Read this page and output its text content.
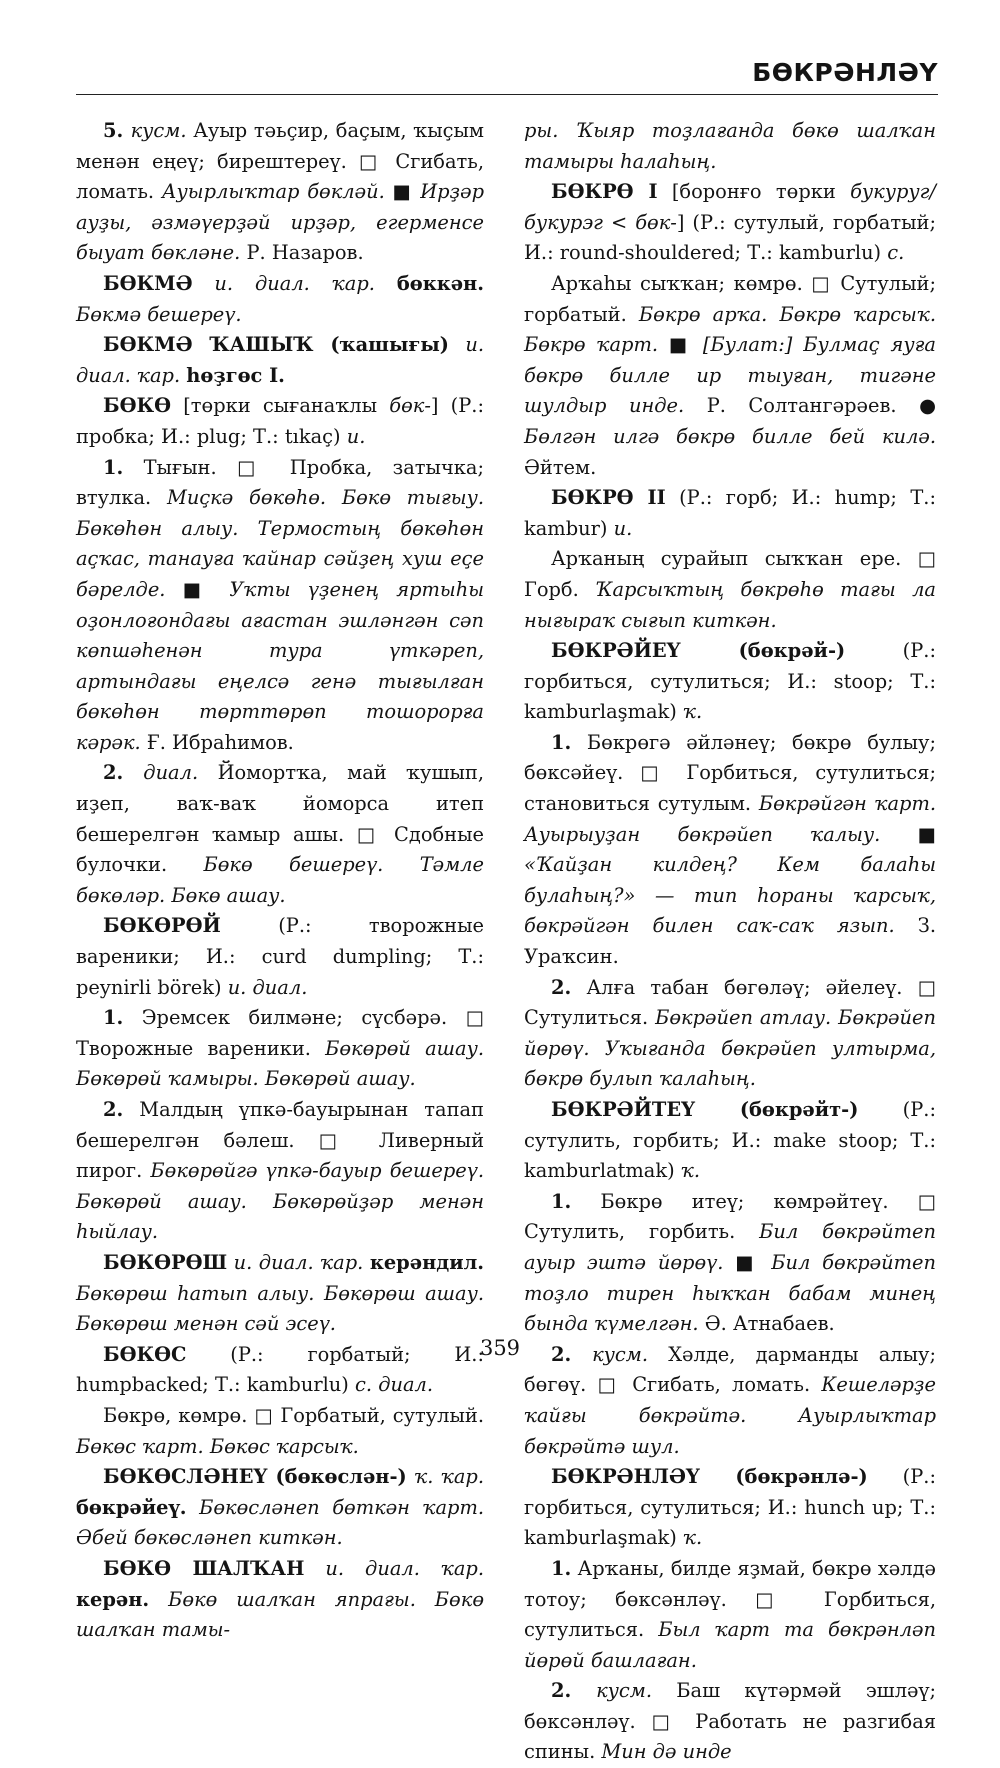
БӨКРӘНЛӘҮ

5. кусм. Ауыр тәьҫир, баҫым, ҡыҫым менән еңеү; бирештереү. □ Сгибать, ломать. Ауырлыҡтар бөкләй. ■ Ирҙәр ауҙы, әзмәүерҙәй ирҙәр, егерменсе быуат бөкләне. Р. Назаров.

БӨКМӘ и. диал. ҡар. бөккән. Бөкмә бешереү.

БӨКМӘ ҠАШЫҠ (ҡашығы) и. диал. ҡар. һөҙгөс I.

БӨКӨ [төрки сығанаҡлы бөк-] (Р.: пробка; И.: plug; Т.: tıkaç) и.

1. Тығын. □ Пробка, затычка; втулка. Миҫкә бөкөһө. Бөкө тығыу. Бөкөһөн алыу. Термостың бөкөһөн аҫҡас, танауға ҡайнар сәйҙең хуш еҫе бәрелде. ■ Уҡты үҙенең яртыһы оҙонлоғондағы ағастан эшләнгән сәп көпшәһенән тура үткәреп, артындағы еңелсә генә тығылған бөкөһөн төрттөрөп тошорорға кәрәк. Ғ. Ибраһимов.

2. диал. Йомортҡа, май ҡушып, иҙеп, ваҡ-ваҡ йоморса итеп бешерелгән ҡамыр ашы. □ Сдобные булочки. Бөкө бешереү. Тәмле бөкөләр. Бөкө ашау.

БӨКӨРӨЙ (Р.: творожные вареники; И.: curd dumpling; Т.: peynirli börek) и. диал.

1. Эремсек билмәне; сүсбәрә. □ Творожные вареники. Бөкөрөй ашау. Бөкөрөй ҡамыры. Бөкөрөй ашау.

2. Малдың үпкә-бауырынан тапап бешерелгән бәлеш. □ Ливерный пирог. Бөкөрөйгә үпкә-бауыр бешереү. Бөкөрөй ашау. Бөкөрөйҙәр менән һыйлау.

БӨКӨРӨШ и. диал. ҡар. керәндил. Бөкөрөш һатып алыу. Бөкөрөш ашау. Бөкөрөш менән сәй эсеү.

БӨКӨС (Р.: горбатый; И.: humpbacked; Т.: kamburlu) с. диал.

Бөкрө, көмрө. □ Горбатый, сутулый. Бөкөс ҡарт. Бөкөс ҡарсыҡ.

БӨКӨСЛӘНЕҮ (бөкөслән-) ҡ. ҡар. бөкрәйеү. Бөкөсләнеп бөткән ҡарт. Әбей бөкөсләнеп киткән.

БӨКӨ ШАЛҠАН и. диал. ҡар. керән. Бөкө шалҡан япрағы. Бөкө шалҡан тамы-

ры. Ҡыяр тоҙлағанда бөкө шалҡан тамыры һалаһың.

БӨКРӨ I [боронғо төрки букуруг/букурэг < бөк-] (Р.: сутулый, горбатый; И.: round-shouldered; Т.: kamburlu) с.

Арҡаһы сыҡҡан; көмрө. □ Сутулый; горбатый. Бөкрө арҡа. Бөкрө ҡарсыҡ. Бөкрө ҡарт. ■ [Булат:] Булмаҫ яуға бөкрө билле ир тыуған, тигәне шулдыр инде. Р. Солтангәрәев. ● Бөлгән илгә бөкрө билле бей килә. Әйтем.

БӨКРӨ II (Р.: горб; И.: hump; Т.: kambur) и.

Арҡаның сурайып сыҡҡан ере. □ Горб. Ҡарсыҡтың бөкрөһө тағы ла нығыраҡ сығып киткән.

БӨКРӘЙЕҮ (бөкрәй-) (Р.: горбиться, сутулиться; И.: stoop; Т.: kamburlaşmak) ҡ.

1. Бөкрөгә әйләнеү; бөкрө булыу; бөксәйеү. □ Горбиться, сутулиться; становиться сутулым. Бөкрәйгән ҡарт. Ауырыуҙан бөкрәйеп ҡалыу. ■ «Ҡайҙан килдең? Кем балаһы булаһың?» — тип һораны ҡарсыҡ, бөкрәйгән билен саҡ-саҡ язып. З. Ураҡсин.

2. Алға табан бөгөләү; әйелеү. □ Сутулиться. Бөкрәйеп атлау. Бөкрәйеп йөрөү. Уҡығанда бөкрәйеп ултырма, бөкрө булып ҡалаһың.

БӨКРӘЙТЕҮ (бөкрәйт-) (Р.: сутулить, горбить; И.: make stoop; Т.: kamburlatmak) ҡ.

1. Бөкрө итеү; көмрәйтеү. □ Сутулить, горбить. Бил бөкрәйтеп ауыр эштә йөрөү. ■ Бил бөкрәйтеп тоҙло тирен һыҡҡан бабам минең бында ҡүмелгән. Ә. Атнабаев.

2. кусм. Хәлде, дарманды алыу; бөгөү. □ Сгибать, ломать. Кешеләрҙе ҡайғы бөкрәйтә. Ауырлыҡтар бөкрәйтә шул.

БӨКРӘНЛӘҮ (бөкрәнлә-) (Р.: горбиться, сутулиться; И.: hunch up; Т.: kamburlaşmak) ҡ.

1. Арҡаны, билде яҙмай, бөкрө хәлдә тотоу; бөксәнләү. □ Горбиться, сутулиться. Был ҡарт та бөкрәнләп йөрөй башлаған.

2. кусм. Баш күтәрмәй эшләү; бөксәнләү. □ Работать не разгибая спины. Мин дә инде

359
